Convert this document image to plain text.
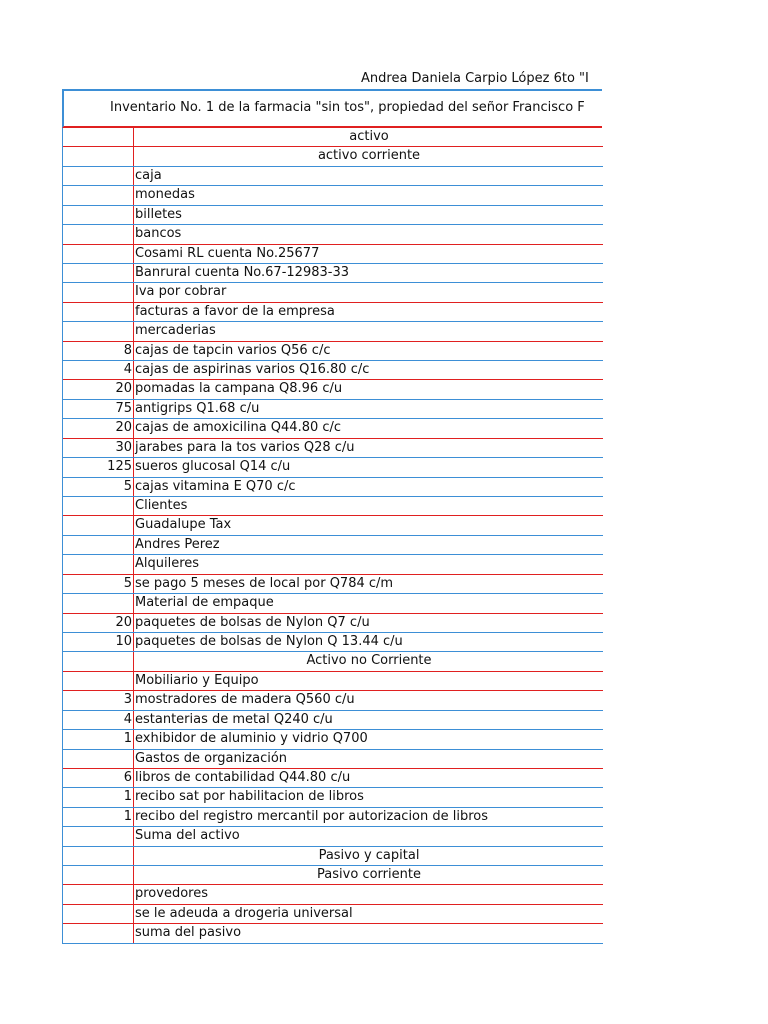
Andrea Daniela Carpio López 6to "I
Inventario No. 1 de la farmacia "sin tos", propiedad del señor Francisco F
activo
activo corriente
caja
monedas
billetes
bancos
Cosami RL cuenta No.25677
Banrural cuenta No.67-12983-33
Iva por cobrar
facturas a favor de la empresa
mercaderias
8 cajas de tapcin varios Q56 c/c
4 cajas de aspirinas varios Q16.80 c/c
20 pomadas la campana Q8.96 c/u
75 antigrips Q1.68 c/u
20 cajas de amoxicilina Q44.80 c/c
30 jarabes para la tos varios Q28 c/u
125 sueros glucosal Q14 c/u
5 cajas vitamina E Q70 c/c
Clientes
Guadalupe Tax
Andres Perez
Alquileres
5 se pago 5 meses de local por Q784 c/m
Material de empaque
20 paquetes de bolsas de Nylon Q7 c/u
10 paquetes de bolsas de Nylon Q 13.44 c/u
Activo no Corriente
Mobiliario y Equipo
3 mostradores de madera Q560 c/u
4 estanterias de metal Q240 c/u
1 exhibidor de aluminio y vidrio Q700
Gastos de organización
6 libros de contabilidad Q44.80 c/u
1 recibo sat por habilitacion de libros
1 recibo del registro mercantil por autorizacion de libros
Suma del activo
Pasivo y capital
Pasivo corriente
provedores
se le adeuda a drogeria universal
suma del pasivo
